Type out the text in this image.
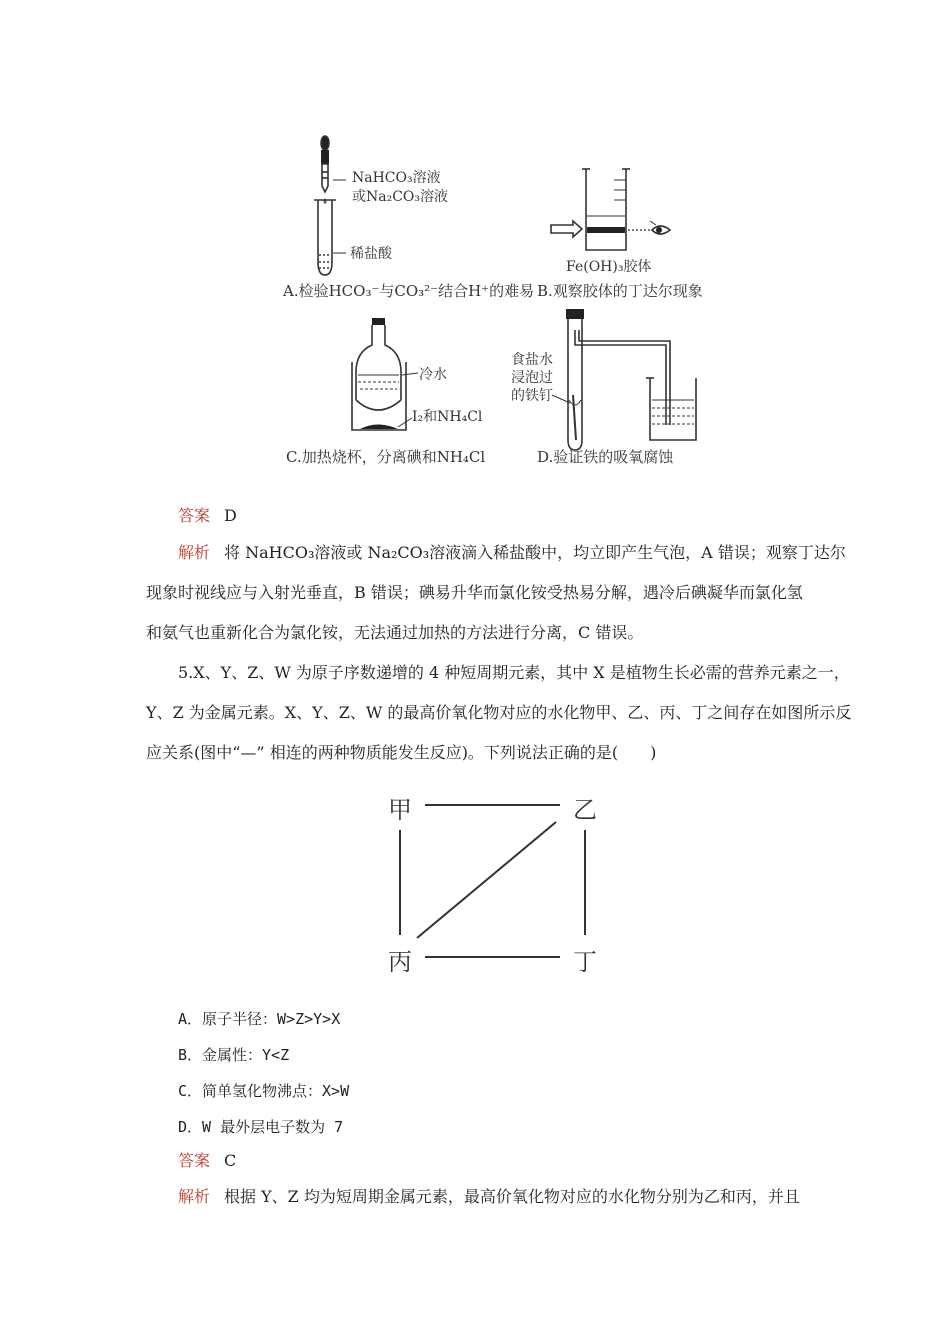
NaHCO₃溶液
或Na₂CO₃溶液
稀盐酸
A.检验HCO₃⁻与CO₃²⁻结合H⁺的难易
Fe(OH)₃胶体
B.观察胶体的丁达尔现象
冷水
I₂和NH₄Cl
C.加热烧杯，分离碘和NH₄Cl
食盐水
浸泡过
的铁钉
D.验证铁的吸氧腐蚀
答案 D
解析 将 NaHCO₃溶液或 Na₂CO₃溶液滴入稀盐酸中，均立即产生气泡，A 错误；观察丁达尔
现象时视线应与入射光垂直，B 错误；碘易升华而氯化铵受热易分解，遇冷后碘凝华而氯化氢
和氨气也重新化合为氯化铵，无法通过加热的方法进行分离，C 错误。
5.X、Y、Z、W 为原子序数递增的 4 种短周期元素，其中 X 是植物生长必需的营养元素之一，
Y、Z 为金属元素。X、Y、Z、W 的最高价氧化物对应的水化物甲、乙、丙、丁之间存在如图所示反
应关系(图中“—” 相连的两种物质能发生反应)。下列说法正确的是(　　)
甲	乙
丙	丁
A．原子半径：W>Z>Y>X
B．金属性：Y<Z
C．简单氢化物沸点：X>W
D．W 最外层电子数为 7
答案 C
解析 根据 Y、Z 均为短周期金属元素，最高价氧化物对应的水化物分别为乙和丙，并且
